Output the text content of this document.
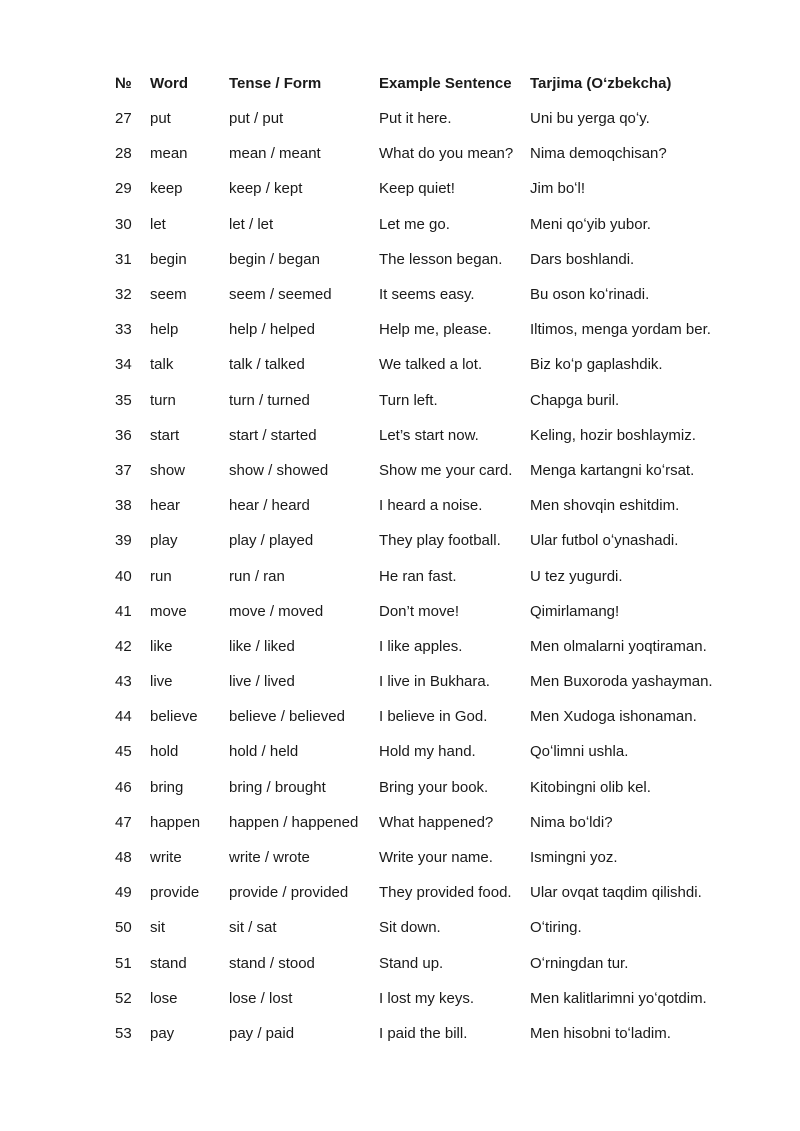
№	Word	Tense / Form	Example Sentence	Tarjima (Oʻzbekcha)
27	put	put / put	Put it here.	Uni bu yerga qoʻy.
28	mean	mean / meant	What do you mean?	Nima demoqchisan?
29	keep	keep / kept	Keep quiet!	Jim boʻl!
30	let	let / let	Let me go.	Meni qoʻyib yubor.
31	begin	begin / began	The lesson began.	Dars boshlandi.
32	seem	seem / seemed	It seems easy.	Bu oson koʻrinadi.
33	help	help / helped	Help me, please.	Iltimos, menga yordam ber.
34	talk	talk / talked	We talked a lot.	Biz koʻp gaplashdik.
35	turn	turn / turned	Turn left.	Chapga buril.
36	start	start / started	Let’s start now.	Keling, hozir boshlaymiz.
37	show	show / showed	Show me your card.	Menga kartangni koʻrsat.
38	hear	hear / heard	I heard a noise.	Men shovqin eshitdim.
39	play	play / played	They play football.	Ular futbol oʻynashadi.
40	run	run / ran	He ran fast.	U tez yugurdi.
41	move	move / moved	Don’t move!	Qimirlamang!
42	like	like / liked	I like apples.	Men olmalarni yoqtiraman.
43	live	live / lived	I live in Bukhara.	Men Buxoroda yashayman.
44	believe	believe / believed	I believe in God.	Men Xudoga ishonaman.
45	hold	hold / held	Hold my hand.	Qoʻlimni ushla.
46	bring	bring / brought	Bring your book.	Kitobingni olib kel.
47	happen	happen / happened	What happened?	Nima boʻldi?
48	write	write / wrote	Write your name.	Ismingni yoz.
49	provide	provide / provided	They provided food.	Ular ovqat taqdim qilishdi.
50	sit	sit / sat	Sit down.	Oʻtiring.
51	stand	stand / stood	Stand up.	Oʻrningdan tur.
52	lose	lose / lost	I lost my keys.	Men kalitlarimni yoʻqotdim.
53	pay	pay / paid	I paid the bill.	Men hisobni toʻladim.
